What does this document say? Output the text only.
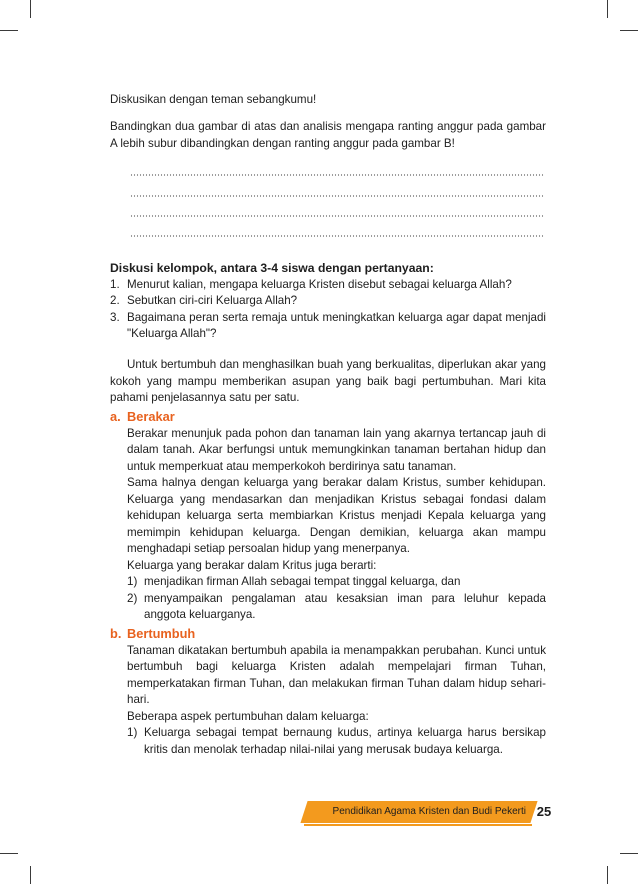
Diskusikan dengan teman sebangkumu!

Bandingkan dua gambar di atas dan analisis mengapa ranting anggur pada gambar A lebih subur dibandingkan dengan ranting anggur pada gambar B!

Diskusi kelompok, antara 3-4 siswa dengan pertanyaan:

1. Menurut kalian, mengapa keluarga Kristen disebut sebagai keluarga Allah?
2. Sebutkan ciri-ciri Keluarga Allah?
3. Bagaimana peran serta remaja untuk meningkatkan keluarga agar dapat menjadi "Keluarga Allah"?

Untuk bertumbuh dan menghasilkan buah yang berkualitas, diperlukan akar yang kokoh yang mampu memberikan asupan yang baik bagi pertumbuhan. Mari kita pahami penjelasannya satu per satu.

a. Berakar

Berakar menunjuk pada pohon dan tanaman lain yang akarnya tertancap jauh di dalam tanah. Akar berfungsi untuk memungkinkan tanaman bertahan hidup dan untuk memperkuat atau memperkokoh berdirinya satu tanaman.

Sama halnya dengan keluarga yang berakar dalam Kristus, sumber kehidupan. Keluarga yang mendasarkan dan menjadikan Kristus sebagai fondasi dalam kehidupan keluarga serta membiarkan Kristus menjadi Kepala keluarga yang memimpin kehidupan keluarga. Dengan demikian, keluarga akan mampu menghadapi setiap persoalan hidup yang menerpanya.

Keluarga yang berakar dalam Kritus juga berarti:

1) menjadikan firman Allah sebagai tempat tinggal keluarga, dan
2) menyampaikan pengalaman atau kesaksian iman para leluhur kepada anggota keluarganya.

b. Bertumbuh

Tanaman dikatakan bertumbuh apabila ia menampakkan perubahan. Kunci untuk bertumbuh bagi keluarga Kristen adalah mempelajari firman Tuhan, memperkatakan firman Tuhan, dan melakukan firman Tuhan dalam hidup sehari-hari.

Beberapa aspek pertumbuhan dalam keluarga:

1) Keluarga sebagai tempat bernaung kudus, artinya keluarga harus bersikap kritis dan menolak terhadap nilai-nilai yang merusak budaya keluarga.
Pendidikan Agama Kristen dan Budi Pekerti 25
